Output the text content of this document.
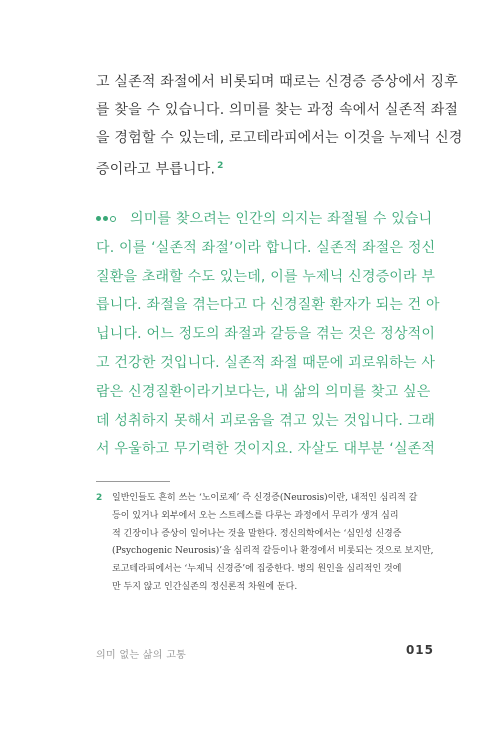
고 실존적 좌절에서 비롯되며 때로는 신경증 증상에서 징후
를 찾을 수 있습니다. 의미를 찾는 과정 속에서 실존적 좌절
을 경험할 수 있는데, 로고테라피에서는 이것을 누제닉 신경
증이라고 부릅니다. $^2$
의미를 찾으려는 인간의 의지는 좌절될 수 있습니
다. 이를 ‘실존적 좌절’이라 합니다. 실존적 좌절은 정신
질환을 초래할 수도 있는데, 이를 누제닉 신경증이라 부
릅니다. 좌절을 겪는다고 다 신경질환 환자가 되는 건 아
닙니다. 어느 정도의 좌절과 갈등을 겪는 것은 정상적이
고 건강한 것입니다. 실존적 좌절 때문에 괴로워하는 사
람은 신경질환이라기보다는, 내 삶의 의미를 찾고 싶은
데 성취하지 못해서 괴로움을 겪고 있는 것입니다. 그래
서 우울하고 무기력한 것이지요. 자살도 대부분 ‘실존적
2 일반인들도 흔히 쓰는 ‘노이로제’ 즉 신경증(Neurosis)이란, 내적인 심리적 갈
등이 있거나 외부에서 오는 스트레스를 다루는 과정에서 무리가 생겨 심리
적 긴장이나 증상이 일어나는 것을 말한다. 정신의학에서는 ‘심인성 신경증
(Psychogenic Neurosis)’을 심리적 갈등이나 환경에서 비롯되는 것으로 보지만,
로고테라피에서는 ‘누제닉 신경증’에 집중한다. 병의 원인을 심리적인 것에
만 두지 않고 인간실존의 정신론적 차원에 둔다.
의미 없는 삶의 고통	015
